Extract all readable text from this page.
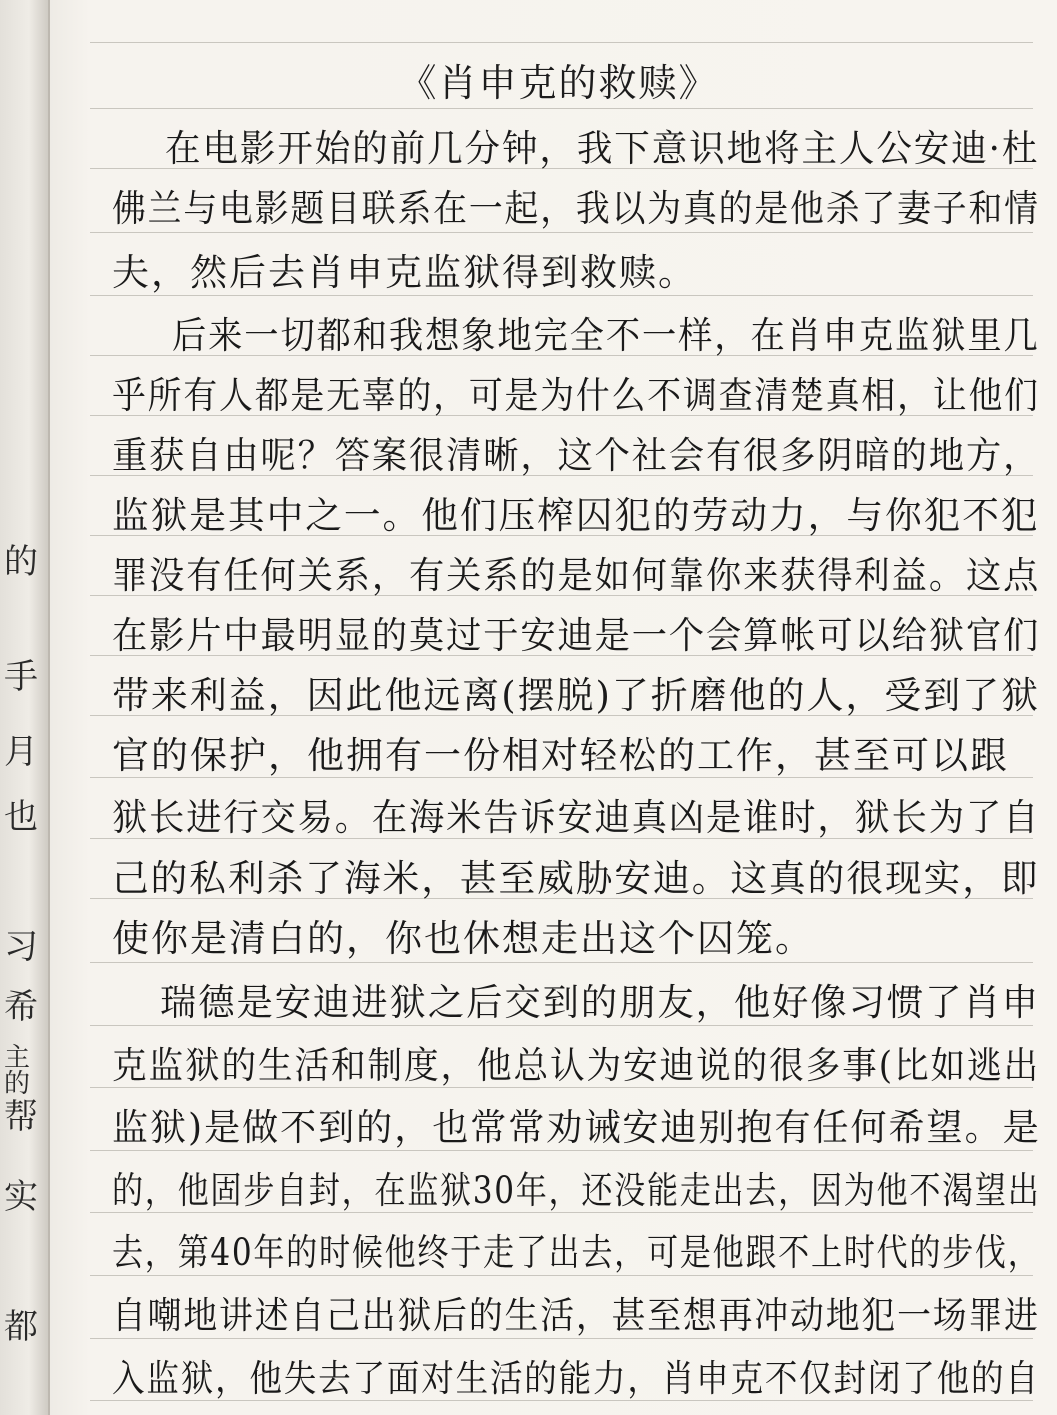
的
手
月
也
习
希
主的
帮
实
都
《肖申克的救赎》
在电影开始的前几分钟，我下意识地将主人公安迪·杜
佛兰与电影题目联系在一起，我以为真的是他杀了妻子和情
夫，然后去肖申克监狱得到救赎。
后来一切都和我想象地完全不一样，在肖申克监狱里几
乎所有人都是无辜的，可是为什么不调查清楚真相，让他们
重获自由呢？答案很清晰，这个社会有很多阴暗的地方，
监狱是其中之一。他们压榨囚犯的劳动力，与你犯不犯
罪没有任何关系，有关系的是如何靠你来获得利益。这点
在影片中最明显的莫过于安迪是一个会算帐可以给狱官们
带来利益，因此他远离(摆脱)了折磨他的人，受到了狱
官的保护，他拥有一份相对轻松的工作，甚至可以跟
狱长进行交易。在海米告诉安迪真凶是谁时，狱长为了自
己的私利杀了海米，甚至威胁安迪。这真的很现实，即
使你是清白的，你也休想走出这个囚笼。
瑞德是安迪进狱之后交到的朋友，他好像习惯了肖申
克监狱的生活和制度，他总认为安迪说的很多事(比如逃出
监狱)是做不到的，也常常劝诫安迪别抱有任何希望。是
的，他固步自封，在监狱30年，还没能走出去，因为他不渴望出
去，第40年的时候他终于走了出去，可是他跟不上时代的步伐，
自嘲地讲述自己出狱后的生活，甚至想再冲动地犯一场罪进
入监狱，他失去了面对生活的能力，肖申克不仅封闭了他的自
